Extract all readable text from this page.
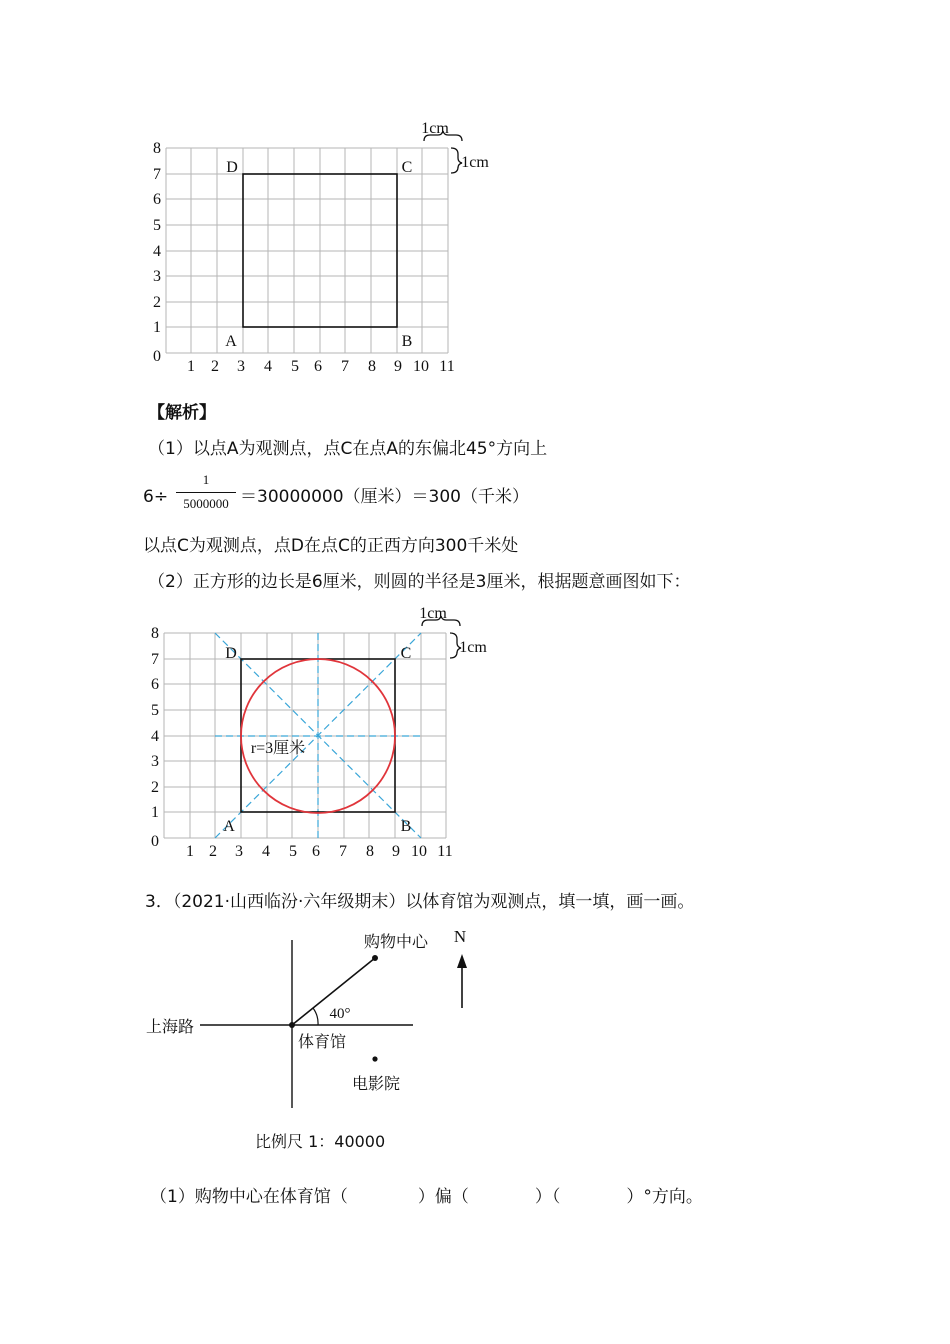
8
7
6
5
4
3
2
1
0
1 2 3 4 5 6 7 8 9 10 11
D	C
A	B
1cm
1cm
【解析】
（1）以点A为观测点，点C在点A的东偏北45°方向上
6÷
1
5000000 ＝30000000（厘米）＝300（千米）
以点C为观测点，点D在点C的正西方向300千米处
（2）正方形的边长是6厘米，则圆的半径是3厘米，根据题意画图如下：
8
7
6
5
4
3
2
1
0
1 2 3 4 5 6 7 8 9 10 11
D	C
A	B
1cm
1cm
r=3厘米
3．（2021·山西临汾·六年级期末）以体育馆为观测点，填一填，画一画。
N
40°
购物中心
上海路
体育馆
电影院
比例尺 1：40000
（1）购物中心在体育馆（	）偏（	）（	）°方向。
